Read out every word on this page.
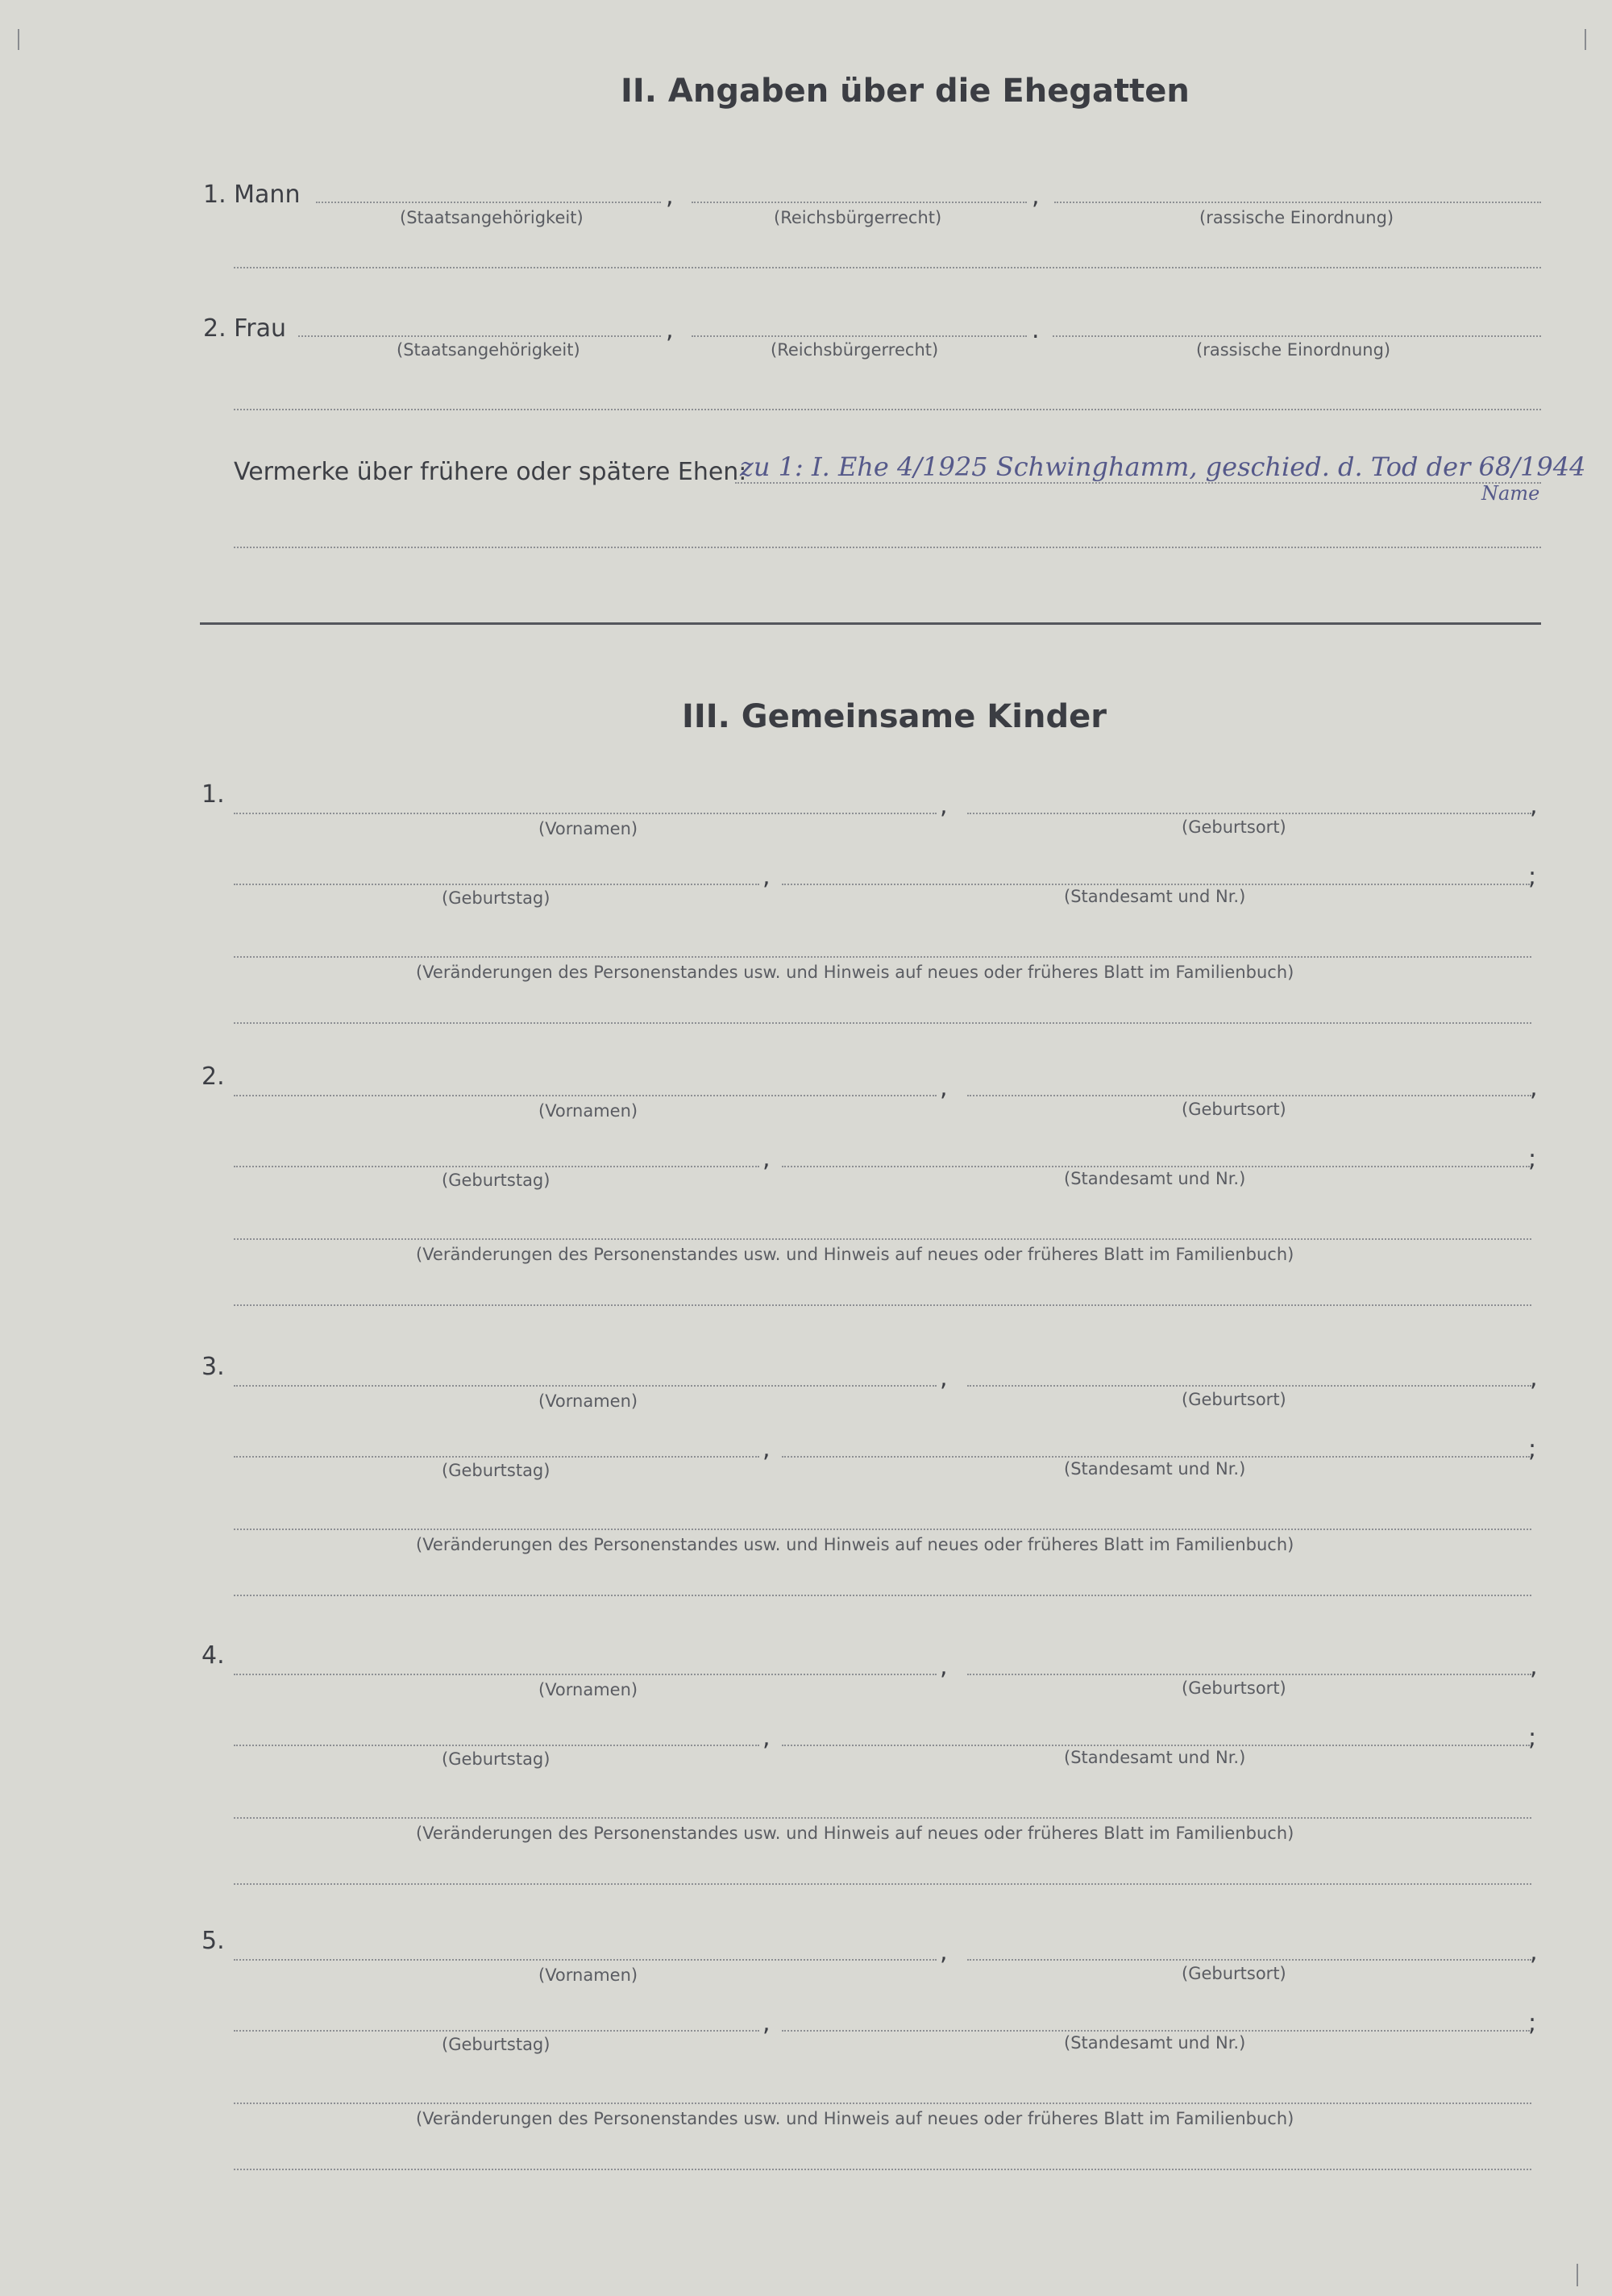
II. Angaben über die Ehegatten
1. Mann	,	,
(Staatsangehörigkeit)	(Reichsbürgerrecht)	(rassische Einordnung)
2. Frau	,	.
(Staatsangehörigkeit)	(Reichsbürgerrecht)	(rassische Einordnung)
Vermerke über frühere oder spätere Ehen:
zu 1: I. Ehe 4/1925 Schwinghamm, geschied. d. Tod der 68/1944
Name
III. Gemeinsame Kinder
1.	,	,
(Vornamen)	(Geburtsort)
,	;
(Geburtstag)	(Standesamt und Nr.)
(Veränderungen des Personenstandes usw. und Hinweis auf neues oder früheres Blatt im Familienbuch)
2.	,	,
(Vornamen)	(Geburtsort)
,	;
(Geburtstag)	(Standesamt und Nr.)
(Veränderungen des Personenstandes usw. und Hinweis auf neues oder früheres Blatt im Familienbuch)
3.	,	,
(Vornamen)	(Geburtsort)
,	;
(Geburtstag)	(Standesamt und Nr.)
(Veränderungen des Personenstandes usw. und Hinweis auf neues oder früheres Blatt im Familienbuch)
4.	,	,
(Vornamen)	(Geburtsort)
,	;
(Geburtstag)	(Standesamt und Nr.)
(Veränderungen des Personenstandes usw. und Hinweis auf neues oder früheres Blatt im Familienbuch)
5.	,	,
(Vornamen)	(Geburtsort)
,	;
(Geburtstag)	(Standesamt und Nr.)
(Veränderungen des Personenstandes usw. und Hinweis auf neues oder früheres Blatt im Familienbuch)
